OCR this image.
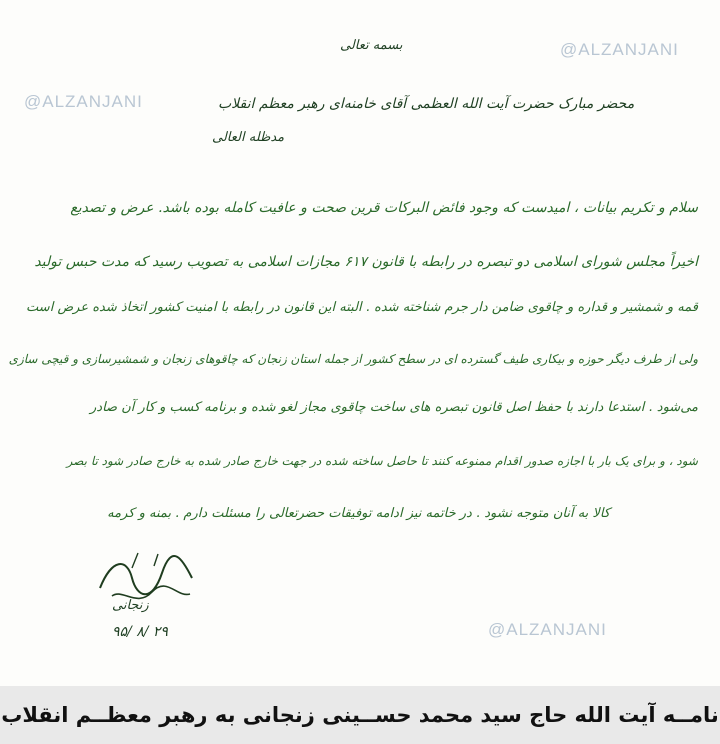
بسمه تعالی
محضر مبارک حضرت آیت الله العظمی آقای خامنه‌ای رهبر معظم انقلاب
مدظله العالی
سلام و تکریم بیانات ، امیدست که وجود فائض البرکات قرین صحت و عافیت کامله بوده باشد. عرض و تصدیع
اخیراً مجلس شورای اسلامی دو تبصره در رابطه با قانون ۶۱۷ مجازات اسلامی به تصویب رسید که مدت حبس تولید
قمه و شمشیر و قداره و چاقوی ضامن دار جرم شناخته شده . البته این قانون در رابطه با امنیت کشور اتخاذ شده عرض است
ولی از طرف دیگر حوزه و بیکاری طیف گسترده ای در سطح کشور از جمله استان زنجان که چاقوهای زنجان و شمشیرسازی و قیچی سازی
می‌شود . استدعا دارند با حفظ اصل قانون تبصره های ساخت چاقوی مجاز لغو شده و برنامه کسب و کار آن صادر
شود ، و برای یک بار با اجازه صدور اقدام ممنوعه کنند تا حاصل ساخته شده در جهت خارج صادر شده به خارج صادر شود تا بصر
کالا به آنان متوجه نشود . در خاتمه نیز ادامه توفیقات حضرتعالی را مسئلت دارم . بمنه و کرمه
زنجانی
۹۵/ ۸/ ۲۹
@ALZANJANI
@ALZANJANI
@ALZANJANI
نامــه آیت الله حاج سید محمد حســینی زنجانی به رهبر معظــم انقلاب
